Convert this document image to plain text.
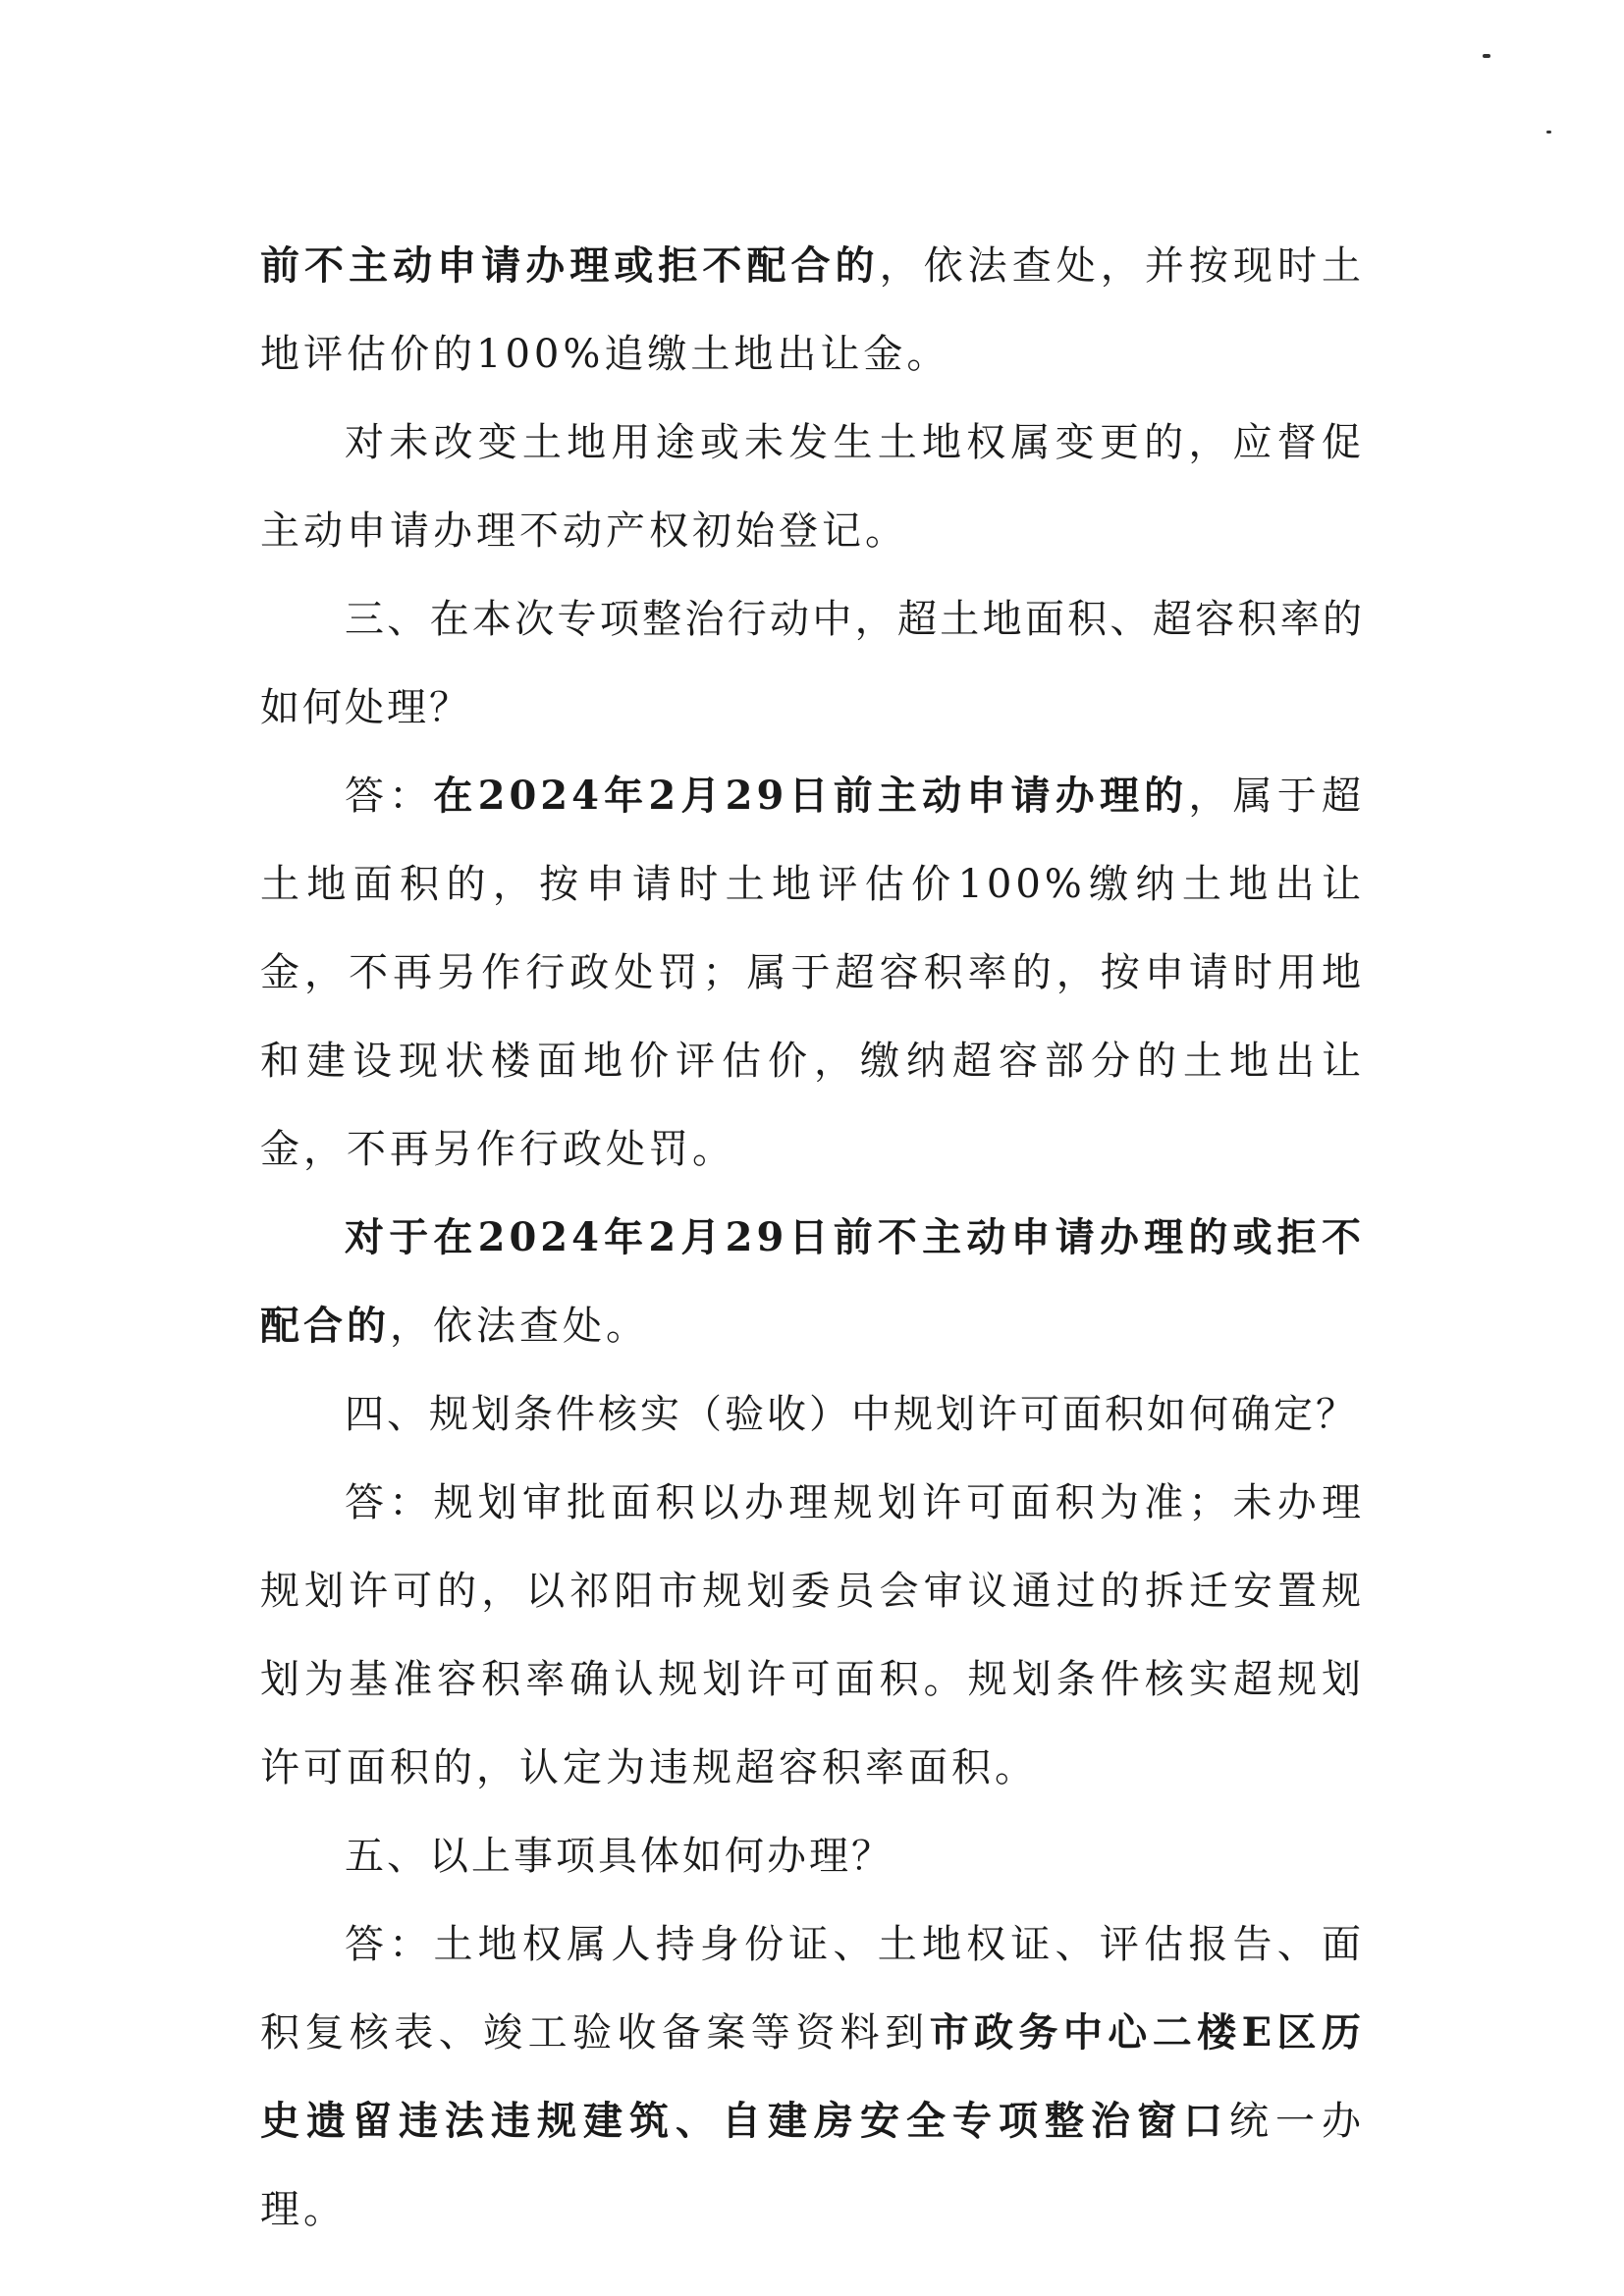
前不主动申请办理或拒不配合的，依法查处，并按现时土地评估价的100%追缴土地出让金。

对未改变土地用途或未发生土地权属变更的，应督促主动申请办理不动产权初始登记。

三、在本次专项整治行动中，超土地面积、超容积率的如何处理？

答：在2024年2月29日前主动申请办理的，属于超土地面积的，按申请时土地评估价100%缴纳土地出让金，不再另作行政处罚；属于超容积率的，按申请时用地和建设现状楼面地价评估价，缴纳超容部分的土地出让金，不再另作行政处罚。

对于在2024年2月29日前不主动申请办理的或拒不配合的，依法查处。

四、规划条件核实（验收）中规划许可面积如何确定？

答：规划审批面积以办理规划许可面积为准；未办理规划许可的，以祁阳市规划委员会审议通过的拆迁安置规划为基准容积率确认规划许可面积。规划条件核实超规划许可面积的，认定为违规超容积率面积。

五、以上事项具体如何办理？

答：土地权属人持身份证、土地权证、评估报告、面积复核表、竣工验收备案等资料到市政务中心二楼E区历史遗留违法违规建筑、自建房安全专项整治窗口统一办理。
